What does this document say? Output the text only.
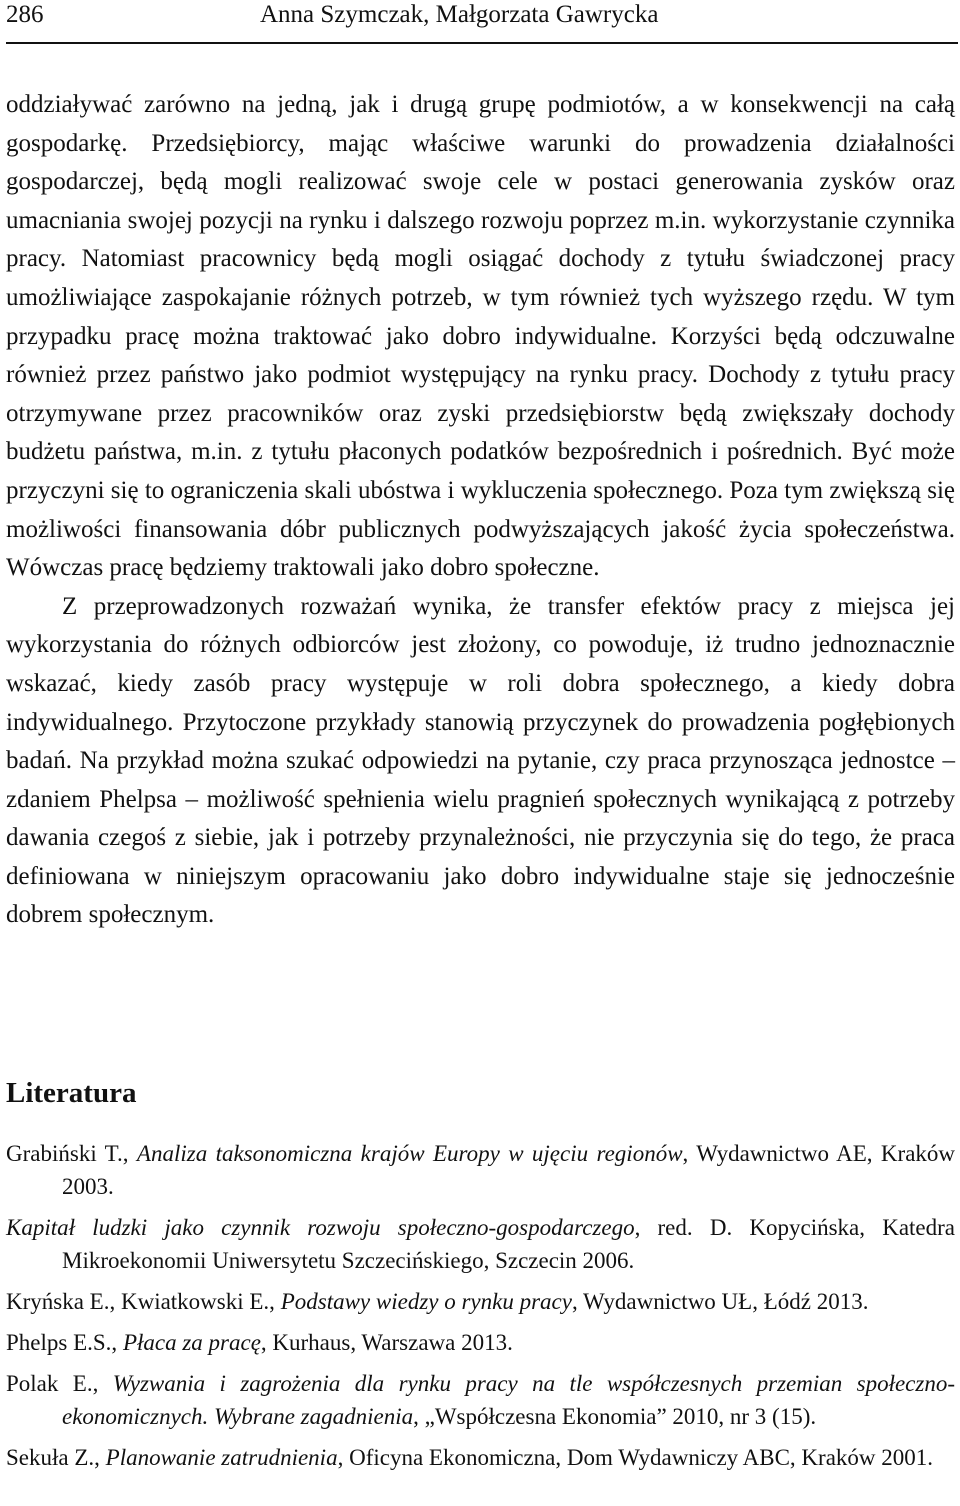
286	Anna Szymczak, Małgorzata Gawrycka

oddziaływać zarówno na jedną, jak i drugą grupę podmiotów, a w konsekwencji na całą gospodarkę. Przedsiębiorcy, mając właściwe warunki do prowadzenia działalności gospodarczej, będą mogli realizować swoje cele w postaci generowania zysków oraz umacniania swojej pozycji na rynku i dalszego rozwoju poprzez m.in. wykorzystanie czynnika pracy. Natomiast pracownicy będą mogli osiągać dochody z tytułu świadczonej pracy umożliwiające zaspokajanie różnych potrzeb, w tym również tych wyższego rzędu. W tym przypadku pracę można traktować jako dobro indywidualne. Korzyści będą odczuwalne również przez państwo jako podmiot występujący na rynku pracy. Dochody z tytułu pracy otrzymywane przez pracowników oraz zyski przedsiębiorstw będą zwiększały dochody budżetu państwa, m.in. z tytułu płaconych podatków bezpośrednich i pośrednich. Być może przyczyni się to ograniczenia skali ubóstwa i wykluczenia społecznego. Poza tym zwiększą się możliwości finansowania dóbr publicznych podwyższających jakość życia społeczeństwa. Wówczas pracę będziemy traktowali jako dobro społeczne.

Z przeprowadzonych rozważań wynika, że transfer efektów pracy z miejsca jej wykorzystania do różnych odbiorców jest złożony, co powoduje, iż trudno jednoznacznie wskazać, kiedy zasób pracy występuje w roli dobra społecznego, a kiedy dobra indywidualnego. Przytoczone przykłady stanowią przyczynek do prowadzenia pogłębionych badań. Na przykład można szukać odpowiedzi na pytanie, czy praca przynosząca jednostce – zdaniem Phelpsa – możliwość spełnienia wielu pragnień społecznych wynikającą z potrzeby dawania czegoś z siebie, jak i potrzeby przynależności, nie przyczynia się do tego, że praca definiowana w niniejszym opracowaniu jako dobro indywidualne staje się jednocześnie dobrem społecznym.

Literatura
Grabiński T., Analiza taksonomiczna krajów Europy w ujęciu regionów, Wydawnictwo AE, Kraków 2003.
Kapitał ludzki jako czynnik rozwoju społeczno-gospodarczego, red. D. Kopycińska, Katedra Mikroekonomii Uniwersytetu Szczecińskiego, Szczecin 2006.
Kryńska E., Kwiatkowski E., Podstawy wiedzy o rynku pracy, Wydawnictwo UŁ, Łódź 2013.
Phelps E.S., Płaca za pracę, Kurhaus, Warszawa 2013.
Polak E., Wyzwania i zagrożenia dla rynku pracy na tle współczesnych przemian społeczno-ekonomicznych. Wybrane zagadnienia, „Współczesna Ekonomia” 2010, nr 3 (15).
Sekuła Z., Planowanie zatrudnienia, Oficyna Ekonomiczna, Dom Wydawniczy ABC, Kraków 2001.
